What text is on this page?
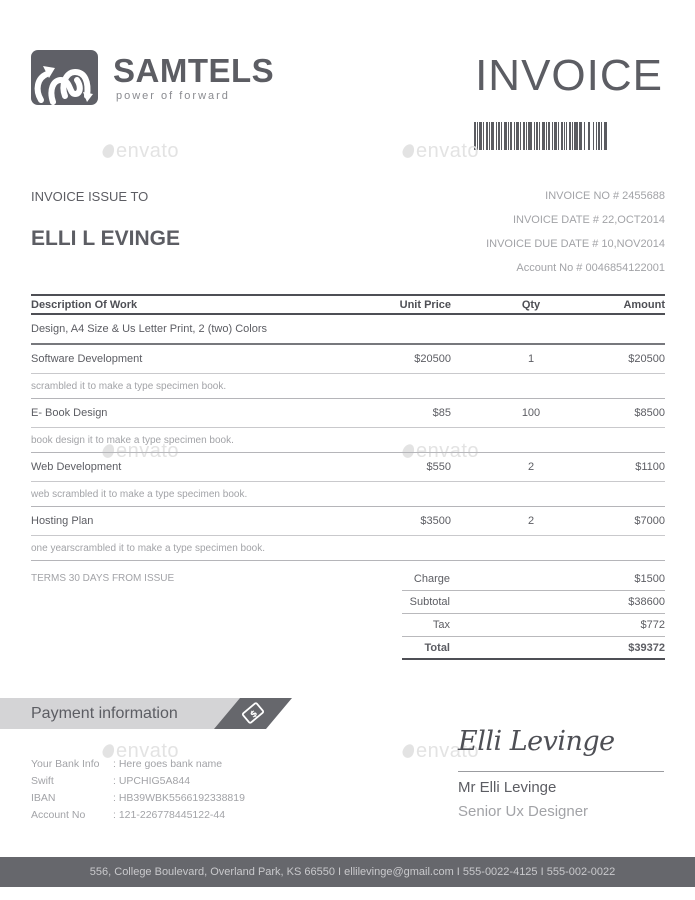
SAMTELS
power of forward	INVOICE
envato	envato
envato	envato
envato	envato
INVOICE ISSUE TO
ELLI L EVINGE
INVOICE NO # 2455688
INVOICE DATE # 22,OCT2014
INVOICE DUE DATE # 10,NOV2014
Account No # 0046854122001
Description Of Work	Unit Price	Qty	Amount
Design, A4 Size & Us Letter Print, 2 (two) Colors
Software Development	$20500	1	$20500
scrambled it to make a type specimen book.
E- Book Design	$85	100	$8500
book design it to make a type specimen book.
Web Development	$550	2	$1100
web scrambled it to make a type specimen book.
Hosting Plan	$3500	2	$7000
one yearscrambled it to make a type specimen book.
TERMS 30 DAYS FROM ISSUE	Charge	$1500
Subtotal	$38600
Tax	$772
Total	$39372
Payment information	$
Your Bank Info	: Here goes bank name
Swift	: UPCHIG5A844
IBAN	: HB39WBK5566192338819
Account No	: 121-226778445122-44
Elli Levinge
Mr Elli Levinge
Senior Ux Designer
556, College Boulevard, Overland Park, KS 66550 I ellilevinge@gmail.com I 555-0022-4125 I 555-002-0022
